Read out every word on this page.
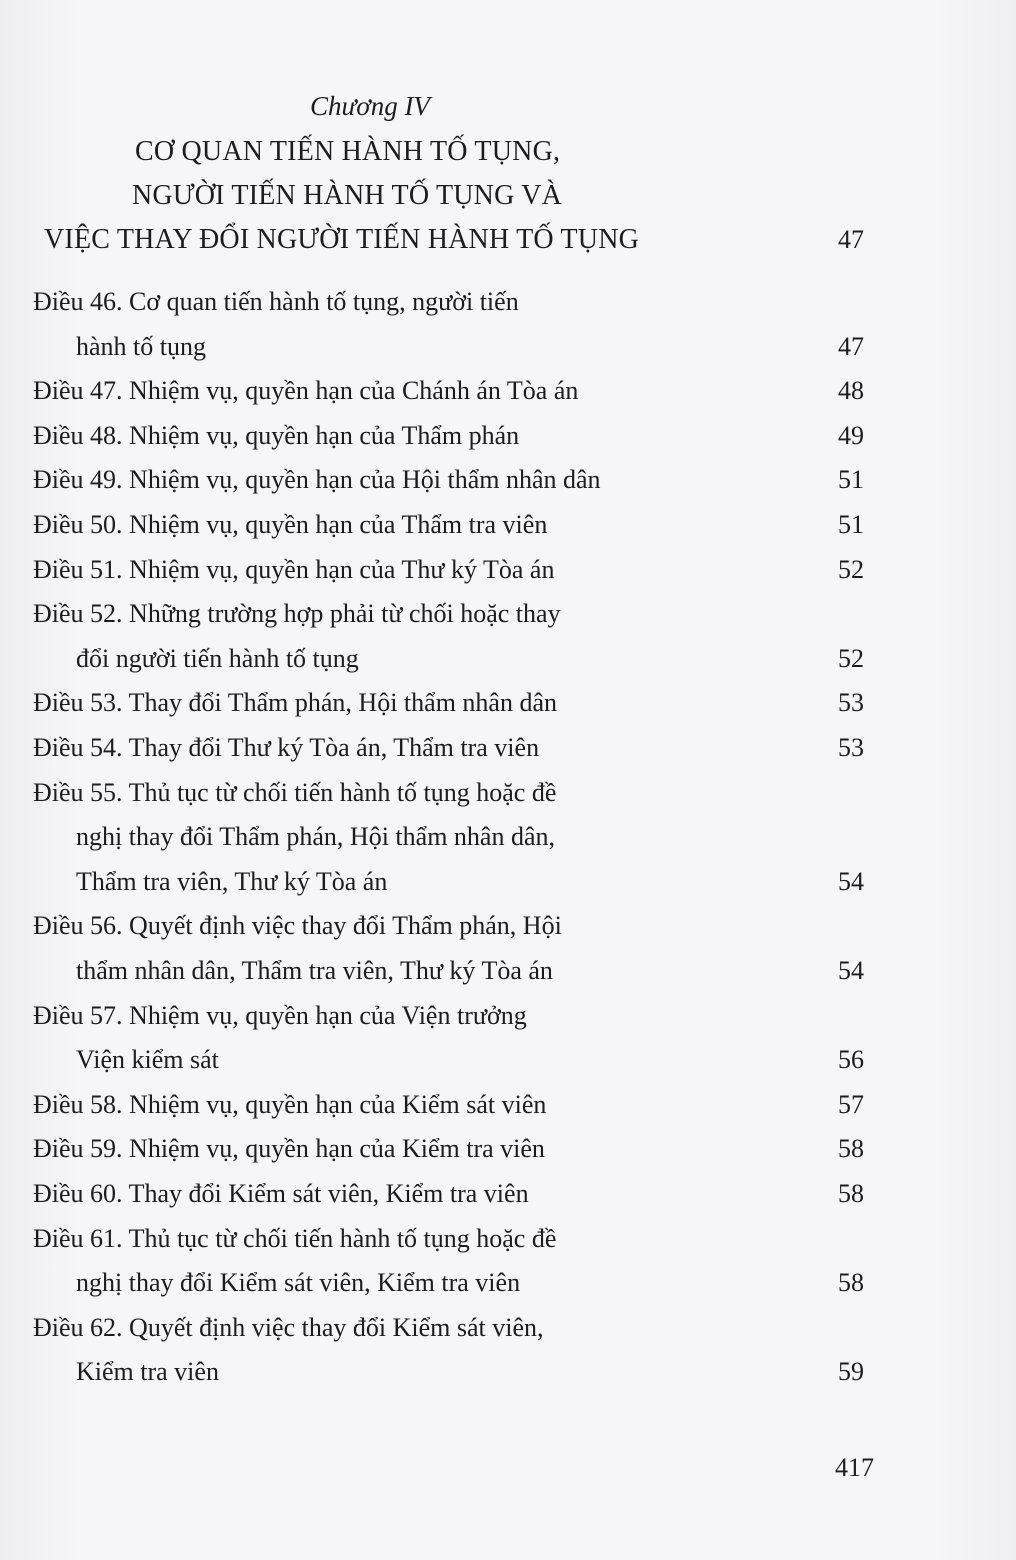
Chương IV
CƠ QUAN TIẾN HÀNH TỐ TỤNG,
NGƯỜI TIẾN HÀNH TỐ TỤNG VÀ
VIỆC THAY ĐỔI NGƯỜI TIẾN HÀNH TỐ TỤNG	47
Điều 46. Cơ quan tiến hành tố tụng, người tiến
hành tố tụng	47
Điều 47. Nhiệm vụ, quyền hạn của Chánh án Tòa án	48
Điều 48. Nhiệm vụ, quyền hạn của Thẩm phán	49
Điều 49. Nhiệm vụ, quyền hạn của Hội thẩm nhân dân	51
Điều 50. Nhiệm vụ, quyền hạn của Thẩm tra viên	51
Điều 51. Nhiệm vụ, quyền hạn của Thư ký Tòa án	52
Điều 52. Những trường hợp phải từ chối hoặc thay
đổi người tiến hành tố tụng	52
Điều 53. Thay đổi Thẩm phán, Hội thẩm nhân dân	53
Điều 54. Thay đổi Thư ký Tòa án, Thẩm tra viên	53
Điều 55. Thủ tục từ chối tiến hành tố tụng hoặc đề
nghị thay đổi Thẩm phán, Hội thẩm nhân dân,
Thẩm tra viên, Thư ký Tòa án	54
Điều 56. Quyết định việc thay đổi Thẩm phán, Hội
thẩm nhân dân, Thẩm tra viên, Thư ký Tòa án	54
Điều 57. Nhiệm vụ, quyền hạn của Viện trưởng
Viện kiểm sát	56
Điều 58. Nhiệm vụ, quyền hạn của Kiểm sát viên	57
Điều 59. Nhiệm vụ, quyền hạn của Kiểm tra viên	58
Điều 60. Thay đổi Kiểm sát viên, Kiểm tra viên	58
Điều 61. Thủ tục từ chối tiến hành tố tụng hoặc đề
nghị thay đổi Kiểm sát viên, Kiểm tra viên	58
Điều 62. Quyết định việc thay đổi Kiểm sát viên,
Kiểm tra viên	59
417
